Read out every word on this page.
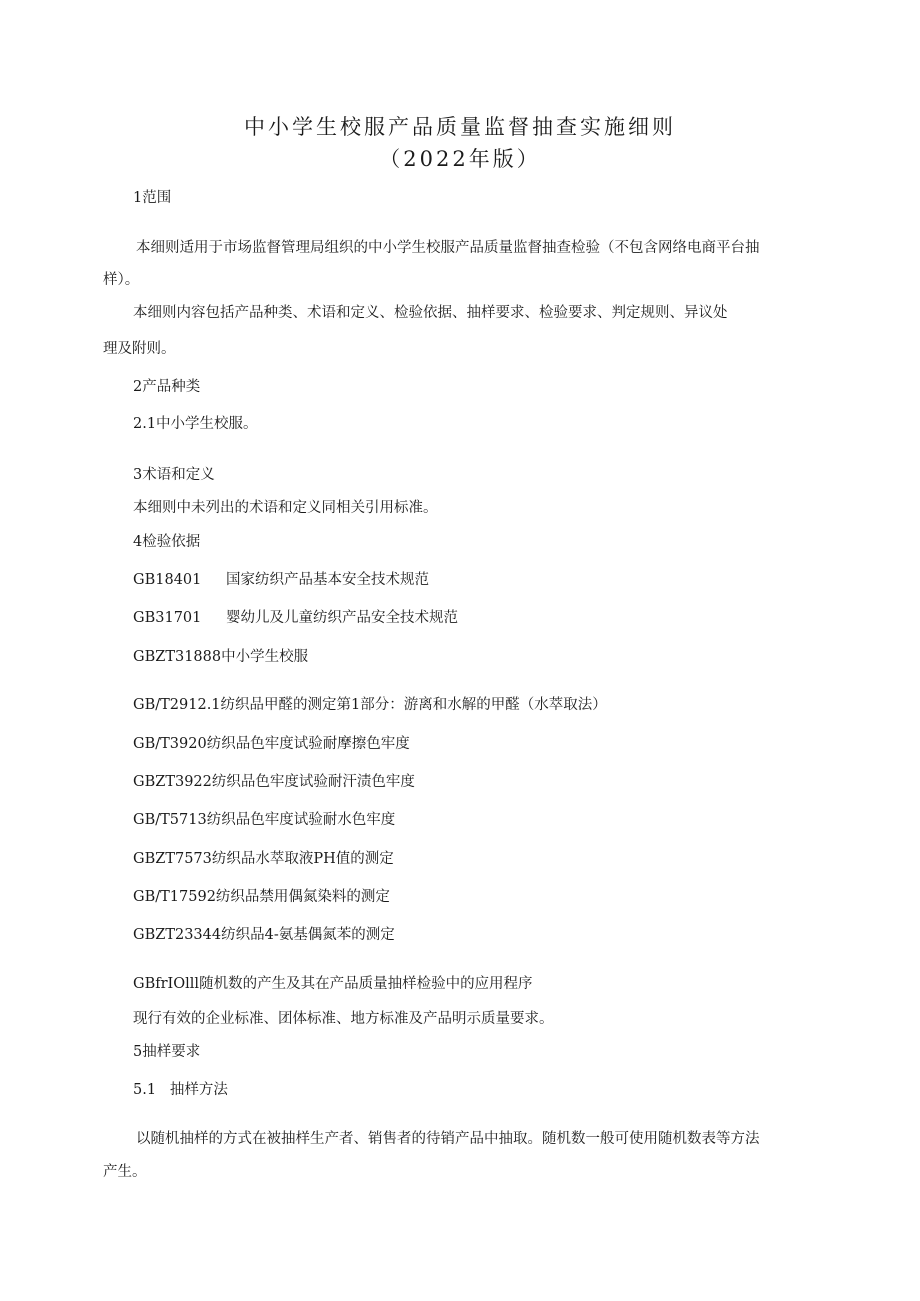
中小学生校服产品质量监督抽查实施细则
（2022年版）
1范围
本细则适用于市场监督管理局组织的中小学生校服产品质量监督抽查检验（不包含网络电商平台抽
样）。
本细则内容包括产品种类、术语和定义、检验依据、抽样要求、检验要求、判定规则、异议处
理及附则。
2产品种类
2.1中小学生校服。
3术语和定义
本细则中未列出的术语和定义同相关引用标准。
4检验依据
GB18401 国家纺织产品基本安全技术规范
GB31701 婴幼儿及儿童纺织产品安全技术规范
GBZT31888中小学生校服
GB/T2912.1纺织品甲醛的测定第1部分：游离和水解的甲醛（水萃取法）
GB/T3920纺织品色牢度试验耐摩擦色牢度
GBZT3922纺织品色牢度试验耐汗渍色牢度
GB/T5713纺织品色牢度试验耐水色牢度
GBZT7573纺织品水萃取液PH值的测定
GB/T17592纺织品禁用偶氮染料的测定
GBZT23344纺织品4-氨基偶氮苯的测定
GBfrIOlll随机数的产生及其在产品质量抽样检验中的应用程序
现行有效的企业标准、团体标准、地方标准及产品明示质量要求。
5抽样要求
5.1   抽样方法
以随机抽样的方式在被抽样生产者、销售者的待销产品中抽取。随机数一般可使用随机数表等方法
产生。
